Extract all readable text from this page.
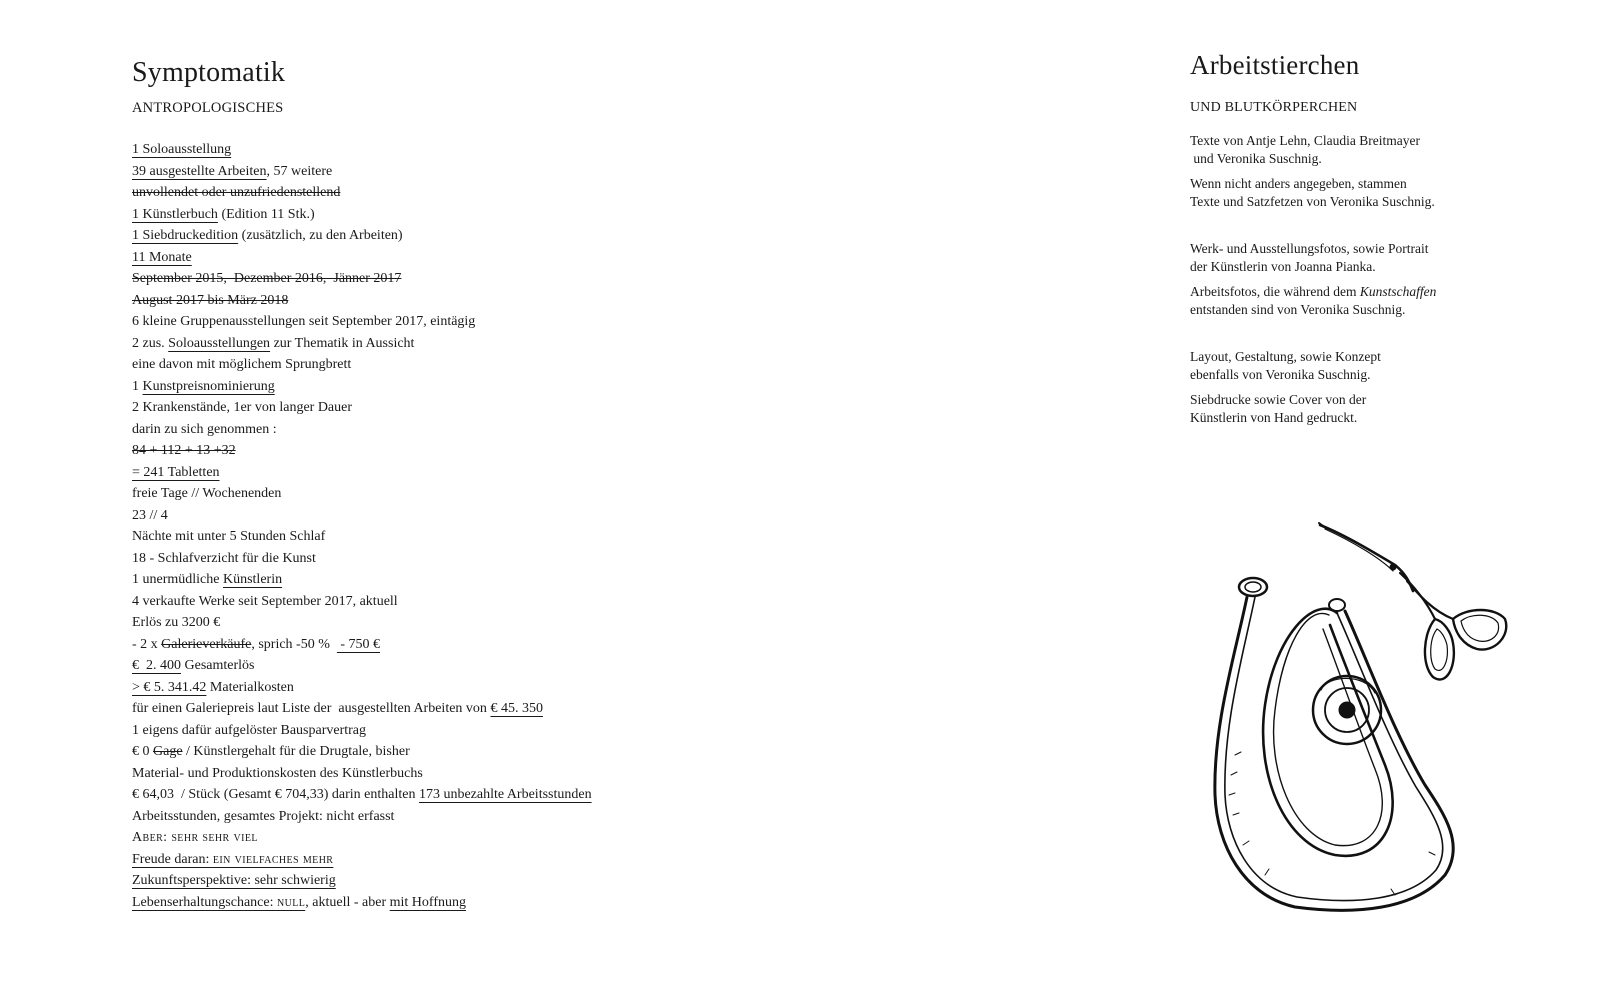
Symptomatik
ANTROPOLOGISCHES
1 Soloausstellung
39 ausgestellte Arbeiten, 57 weitere
unvollendet oder unzufriedenstellend
1 Künstlerbuch (Edition 11 Stk.)
1 Siebdruckedition (zusätzlich, zu den Arbeiten)
11 Monate
September 2015,  Dezember 2016,  Jänner 2017
August 2017 bis März 2018
6 kleine Gruppenausstellungen seit September 2017, eintägig
2 zus. Soloausstellungen zur Thematik in Aussicht
eine davon mit möglichem Sprungbrett
1 Kunstpreisnominierung
2 Krankenstände, 1er von langer Dauer
darin zu sich genommen :
84 + 112 + 13 +32
= 241 Tabletten
freie Tage // Wochenenden
23 // 4
Nächte mit unter 5 Stunden Schlaf
18 - Schlafverzicht für die Kunst
1 unermüdliche Künstlerin
4 verkaufte Werke seit September 2017, aktuell
Erlös zu 3200 €
- 2 x Galerieverkäufe, sprich -50 %   - 750 €
€  2. 400 Gesamterlös
> € 5. 341.42 Materialkosten
für einen Galeriepreis laut Liste der  ausgestellten Arbeiten von € 45. 350
1 eigens dafür aufgelöster Bausparvertrag
€ 0 Gage / Künstlergehalt für die Drugtale, bisher
Material- und Produktionskosten des Künstlerbuchs
€ 64,03  / Stück (Gesamt € 704,33) darin enthalten 173 unbezahlte Arbeitsstunden
Arbeitsstunden, gesamtes Projekt: nicht erfasst
Aber: sehr sehr viel
Freude daran: ein vielfaches mehr
Zukunftsperspektive: sehr schwierig
Lebenserhaltungschance: null, aktuell - aber mit Hoffnung
Arbeitstierchen
UND BLUTKÖRPERCHEN

Texte von Antje Lehn, Claudia Breitmayer
und Veronika Suschnig.

Wenn nicht anders angegeben, stammen
Texte und Satzfetzen von Veronika Suschnig.

Werk- und Ausstellungsfotos, sowie Portrait
der Künstlerin von Joanna Pianka.

Arbeitsfotos, die während dem Kunstschaffen
entstanden sind von Veronika Suschnig.

Layout, Gestaltung, sowie Konzept
ebenfalls von Veronika Suschnig.

Siebdrucke sowie Cover von der
Künstlerin von Hand gedruckt.
